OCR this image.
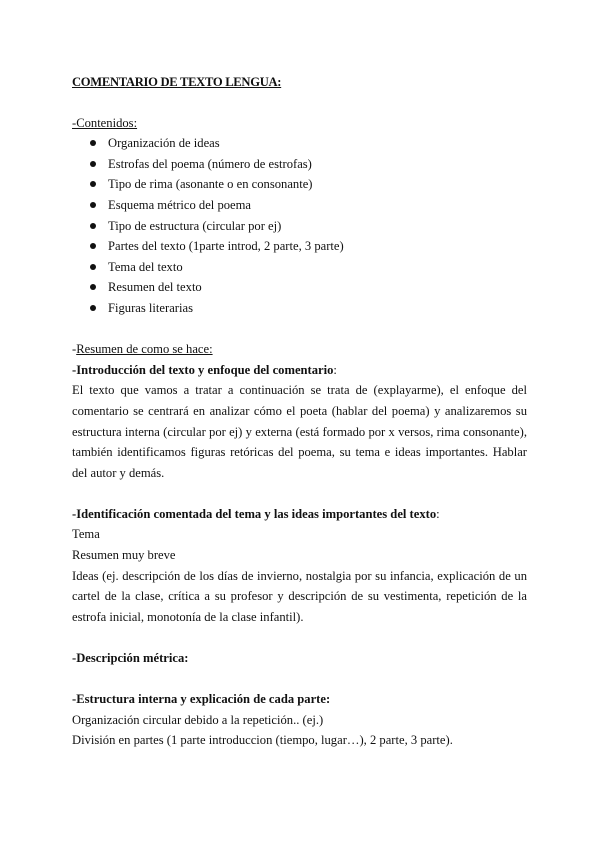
COMENTARIO DE TEXTO LENGUA:

-Contenidos:

Organización de ideas
Estrofas del poema (número de estrofas)
Tipo de rima (asonante o en consonante)
Esquema métrico del poema
Tipo de estructura (circular por ej)
Partes del texto (1parte introd, 2 parte, 3 parte)
Tema del texto
Resumen del texto
Figuras literarias

-Resumen de como se hace:

-Introducción del texto y enfoque del comentario:

El texto que vamos a tratar a continuación se trata de (explayarme), el enfoque del comentario se centrará en analizar cómo el poeta (hablar del poema) y analizaremos su estructura interna (circular por ej) y externa (está formado por x versos, rima consonante), también identificamos figuras retóricas del poema, su tema e ideas importantes. Hablar del autor y demás.

-Identificación comentada del tema y las ideas importantes del texto:

Tema

Resumen muy breve

Ideas (ej. descripción de los días de invierno, nostalgia por su infancia, explicación de un cartel de la clase, crítica a su profesor y descripción de su vestimenta, repetición de la estrofa inicial, monotonía de la clase infantil).

-Descripción métrica:

-Estructura interna y explicación de cada parte:

Organización circular debido a la repetición.. (ej.)

División en partes (1 parte introduccion (tiempo, lugar…), 2 parte, 3 parte).
